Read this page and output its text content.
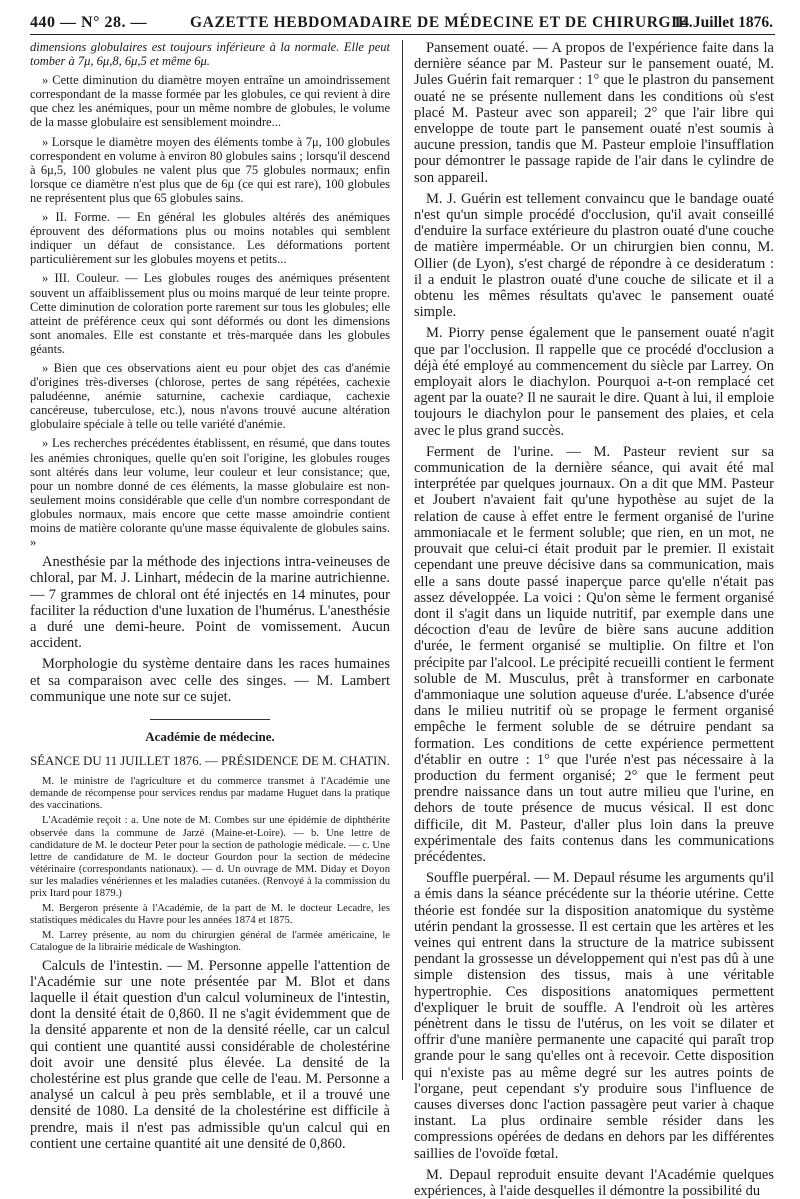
440 — N° 28. —	GAZETTE HEBDOMADAIRE DE MÉDECINE ET DE CHIRURGIE.
14 Juillet 1876.

dimensions globulaires est toujours inférieure à la normale. Elle peut tomber à 7μ, 6μ,8, 6μ,5 et même 6μ.

» Cette diminution du diamètre moyen entraîne un amoindrissement correspondant de la masse formée par les globules, ce qui revient à dire que chez les anémiques, pour un même nombre de globules, le volume de la masse globulaire est sensiblement moindre...

» Lorsque le diamètre moyen des éléments tombe à 7μ, 100 globules correspondent en volume à environ 80 globules sains ; lorsqu'il descend à 6μ,5, 100 globules ne valent plus que 75 globules normaux; enfin lorsque ce diamètre n'est plus que de 6μ (ce qui est rare), 100 globules ne représentent plus que 65 globules sains.

» II. Forme. — En général les globules altérés des anémiques éprouvent des déformations plus ou moins notables qui semblent indiquer un défaut de consistance. Les déformations portent particulièrement sur les globules moyens et petits...

» III. Couleur. — Les globules rouges des anémiques présentent souvent un affaiblissement plus ou moins marqué de leur teinte propre. Cette diminution de coloration porte rarement sur tous les globules; elle atteint de préférence ceux qui sont déformés ou dont les dimensions sont anomales. Elle est constante et très-marquée dans les globules géants.

» Bien que ces observations aient eu pour objet des cas d'anémie d'origines très-diverses (chlorose, pertes de sang répétées, cachexie paludéenne, anémie saturnine, cachexie cardiaque, cachexie cancéreuse, tuberculose, etc.), nous n'avons trouvé aucune altération globulaire spéciale à telle ou telle variété d'anémie.

» Les recherches précédentes établissent, en résumé, que dans toutes les anémies chroniques, quelle qu'en soit l'origine, les globules rouges sont altérés dans leur volume, leur couleur et leur consistance; que, pour un nombre donné de ces éléments, la masse globulaire est non-seulement moins considérable que celle d'un nombre correspondant de globules normaux, mais encore que cette masse amoindrie contient moins de matière colorante qu'une masse équivalente de globules sains. »

Anesthésie par la méthode des injections intra-veineuses de chloral, par M. J. Linhart, médecin de la marine autrichienne. — 7 grammes de chloral ont été injectés en 14 minutes, pour faciliter la réduction d'une luxation de l'humérus. L'anesthésie a duré une demi-heure. Point de vomissement. Aucun accident.

Morphologie du système dentaire dans les races humaines et sa comparaison avec celle des singes. — M. Lambert communique une note sur ce sujet.

Académie de médecine.

SÉANCE DU 11 JUILLET 1876. — PRÉSIDENCE DE M. CHATIN.

M. le ministre de l'agriculture et du commerce transmet à l'Académie une demande de récompense pour services rendus par madame Huguet dans la pratique des vaccinations.

L'Académie reçoit : a. Une note de M. Combes sur une épidémie de diphthérite observée dans la commune de Jarzé (Maine-et-Loire). — b. Une lettre de candidature de M. le docteur Peter pour la section de pathologie médicale. — c. Une lettre de candidature de M. le docteur Gourdon pour la section de médecine vétérinaire (correspondants nationaux). — d. Un ouvrage de MM. Diday et Doyon sur les maladies vénériennes et les maladies cutanées. (Renvoyé à la commission du prix Itard pour 1879.)

M. Bergeron présente à l'Académie, de la part de M. le docteur Lecadre, les statistiques médicales du Havre pour les années 1874 et 1875.

M. Larrey présente, au nom du chirurgien général de l'armée américaine, le Catalogue de la librairie médicale de Washington.

Calculs de l'intestin. — M. Personne appelle l'attention de l'Académie sur une note présentée par M. Blot et dans laquelle il était question d'un calcul volumineux de l'intestin, dont la densité était de 0,860. Il ne s'agit évidemment que de la densité apparente et non de la densité réelle, car un calcul qui contient une quantité aussi considérable de cholestérine doit avoir une densité plus élevée. La densité de la cholestérine est plus grande que celle de l'eau. M. Personne a analysé un calcul à peu près semblable, et il a trouvé une densité de 1080. La densité de la cholestérine est difficile à prendre, mais il n'est pas admissible qu'un calcul qui en contient une certaine quantité ait une densité de 0,860.

Pansement ouaté. — A propos de l'expérience faite dans la dernière séance par M. Pasteur sur le pansement ouaté, M. Jules Guérin fait remarquer : 1° que le plastron du pansement ouaté ne se présente nullement dans les conditions où s'est placé M. Pasteur avec son appareil; 2° que l'air libre qui enveloppe de toute part le pansement ouaté n'est soumis à aucune pression, tandis que M. Pasteur emploie l'insufflation pour démontrer le passage rapide de l'air dans le cylindre de son appareil.

M. J. Guérin est tellement convaincu que le bandage ouaté n'est qu'un simple procédé d'occlusion, qu'il avait conseillé d'enduire la surface extérieure du plastron ouaté d'une couche de matière imperméable. Or un chirurgien bien connu, M. Ollier (de Lyon), s'est chargé de répondre à ce desideratum : il a enduit le plastron ouaté d'une couche de silicate et il a obtenu les mêmes résultats qu'avec le pansement ouaté simple.

M. Piorry pense également que le pansement ouaté n'agit que par l'occlusion. Il rappelle que ce procédé d'occlusion a déjà été employé au commencement du siècle par Larrey. On employait alors le diachylon. Pourquoi a-t-on remplacé cet agent par la ouate? Il ne saurait le dire. Quant à lui, il emploie toujours le diachylon pour le pansement des plaies, et cela avec le plus grand succès.

Ferment de l'urine. — M. Pasteur revient sur sa communication de la dernière séance, qui avait été mal interprétée par quelques journaux. On a dit que MM. Pasteur et Joubert n'avaient fait qu'une hypothèse au sujet de la relation de cause à effet entre le ferment organisé de l'urine ammoniacale et le ferment soluble; que rien, en un mot, ne prouvait que celui-ci était produit par le premier. Il existait cependant une preuve décisive dans sa communication, mais elle a sans doute passé inaperçue parce qu'elle n'était pas assez développée. La voici : Qu'on sème le ferment organisé dont il s'agit dans un liquide nutritif, par exemple dans une décoction d'eau de levûre de bière sans aucune addition d'urée, le ferment organisé se multiplie. On filtre et l'on précipite par l'alcool. Le précipité recueilli contient le ferment soluble de M. Musculus, prêt à transformer en carbonate d'ammoniaque une solution aqueuse d'urée. L'absence d'urée dans le milieu nutritif où se propage le ferment organisé empêche le ferment soluble de se détruire pendant sa formation. Les conditions de cette expérience permettent d'établir en outre : 1° que l'urée n'est pas nécessaire à la production du ferment organisé; 2° que le ferment peut prendre naissance dans un tout autre milieu que l'urine, en dehors de toute présence de mucus vésical. Il est donc difficile, dit M. Pasteur, d'aller plus loin dans la preuve expérimentale des faits contenus dans les communications précédentes.

Souffle puerpéral. — M. Depaul résume les arguments qu'il a émis dans la séance précédente sur la théorie utérine. Cette théorie est fondée sur la disposition anatomique du système utérin pendant la grossesse. Il est certain que les artères et les veines qui entrent dans la structure de la matrice subissent pendant la grossesse un développement qui n'est pas dû à une simple distension des tissus, mais à une véritable hypertrophie. Ces dispositions anatomiques permettent d'expliquer le bruit de souffle. A l'endroit où les artères pénètrent dans le tissu de l'utérus, on les voit se dilater et offrir d'une manière permanente une capacité qui paraît trop grande pour le sang qu'elles ont à recevoir. Cette disposition qui n'existe pas au même degré sur les autres points de l'organe, peut cependant s'y produire sous l'influence de causes diverses donc l'action passagère peut varier à chaque instant. La plus ordinaire semble résider dans les compressions opérées de dedans en dehors par les différentes saillies de l'ovoïde fœtal.

M. Depaul reproduit ensuite devant l'Académie quelques expériences, à l'aide desquelles il démontre la possibilité du
